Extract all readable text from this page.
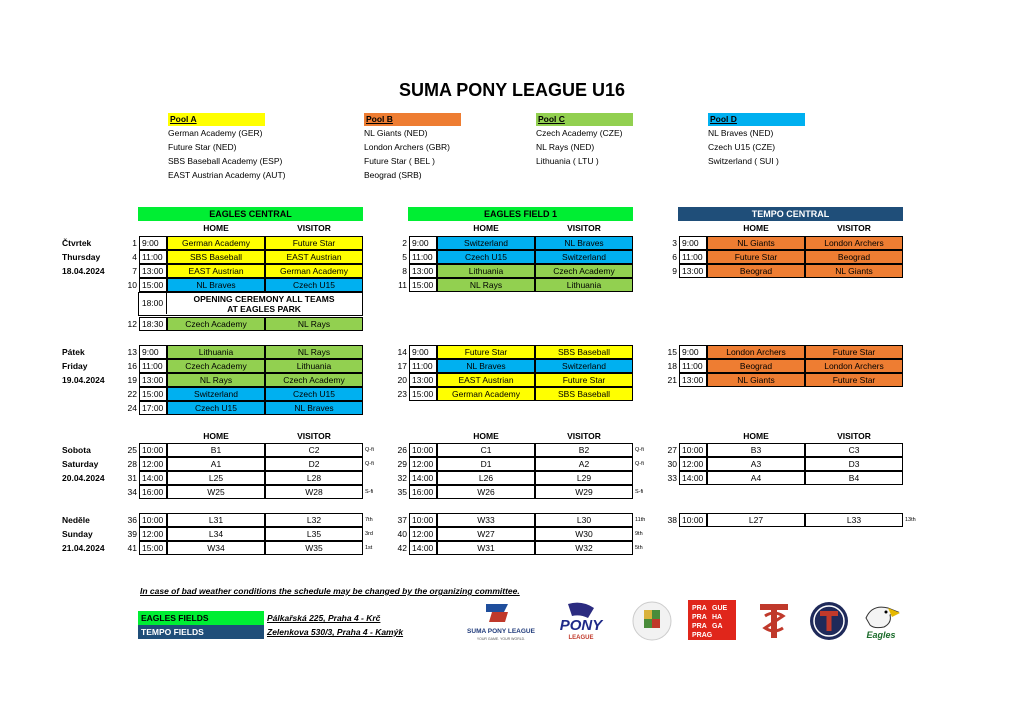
SUMA PONY LEAGUE U16
Pool A
German Academy (GER)
Future Star (NED)
SBS Baseball Academy (ESP)
EAST Austrian Academy (AUT)
Pool B
NL Giants (NED)
London Archers (GBR)
Future Star ( BEL )
Beograd (SRB)
Pool C
Czech Academy (CZE)
NL Rays (NED)
Lithuania ( LTU )
Pool D
NL Braves (NED)
Czech U15 (CZE)
Switzerland ( SUI )
EAGLES CENTRAL	EAGLES FIELD 1	TEMPO CENTRAL
HOME	VISITOR	HOME	VISITOR	HOME	VISITOR
HOME	VISITOR	HOME	VISITOR	HOME	VISITOR
1 9:00	German Academy	Future Star
4 11:00	SBS Baseball	EAST Austrian
7 13:00	EAST Austrian	German Academy
10 15:00	NL Braves	Czech U15
12 18:30	Czech Academy	NL Rays
2 9:00	Switzerland	NL Braves
5 11:00	Czech U15	Switzerland
8 13:00	Lithuania	Czech Academy
11 15:00	NL Rays	Lithuania
3 9:00	NL Giants	London Archers
6 11:00	Future Star	Beograd
9 13:00	Beograd	NL Giants
13 9:00	Lithuania	NL Rays
16 11:00	Czech Academy	Lithuania
19 13:00	NL Rays	Czech Academy
22 15:00	Switzerland	Czech U15
24 17:00	Czech U15	NL Braves
14 9:00	Future Star	SBS Baseball
17 11:00	NL Braves	Switzerland
20 13:00	EAST Austrian	Future Star
23 15:00	German Academy	SBS Baseball
15 9:00	London Archers	Future Star
18 11:00	Beograd	London Archers
21 13:00	NL Giants	Future Star
25 10:00	B1	C2	Q-fi
28 12:00	A1	D2	Q-fi
31 14:00	L25	L28
34 16:00	W25	W28	S-fi
26 10:00	C1	B2	Q-fi
29 12:00	D1	A2	Q-fi
32 14:00	L26	L29
35 16:00	W26	W29	S-fi
27 10:00	B3	C3
30 12:00	A3	D3
33 14:00	A4	B4
36 10:00	L31	L32	7th
39 12:00	L34	L35	3rd
41 15:00	W34	W35	1st
37 10:00	W33	L30	11th
40 12:00	W27	W30	9th
42 14:00	W31	W32	5th
38 10:00	L27	L33	13th
Čtvrtek
Thursday
18.04.2024
Pátek
Friday
19.04.2024
Sobota
Saturday
20.04.2024
Neděle
Sunday
21.04.2024
18:00	OPENING CEREMONY ALL TEAMS
AT EAGLES PARK
In case of bad weather conditions the schedule may be changed by the organizing committee.
EAGLES FIELDS	Pálkařská 225, Praha 4 - Krč
TEMPO FIELDS	Zelenkova 530/3, Praha 4 - Kamýk	SUMA PONY LEAGUE
YOUR GAME. YOUR WORLD.
PONY
LEAGUE
PRA GUE
PRA HA
PRA GA
PRAG	Eagles
